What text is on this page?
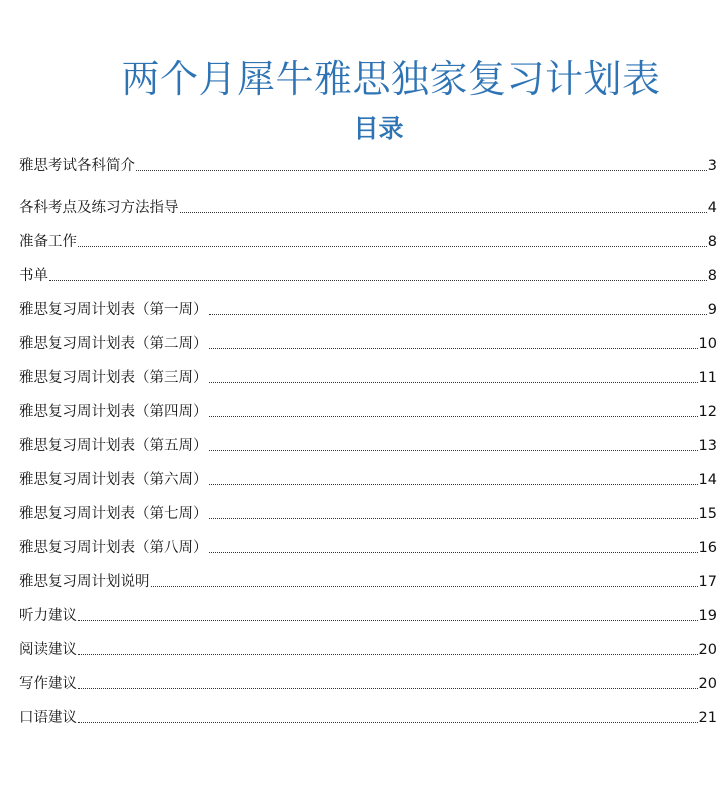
两个月犀牛雅思独家复习计划表
目录
雅思考试各科简介	3
各科考点及练习方法指导	4
准备工作	8
书单	8
雅思复习周计划表（第一周）	9
雅思复习周计划表（第二周）	10
雅思复习周计划表（第三周）	11
雅思复习周计划表（第四周）	12
雅思复习周计划表（第五周）	13
雅思复习周计划表（第六周）	14
雅思复习周计划表（第七周）	15
雅思复习周计划表（第八周）	16
雅思复习周计划说明	17
听力建议	19
阅读建议	20
写作建议	20
口语建议	21
